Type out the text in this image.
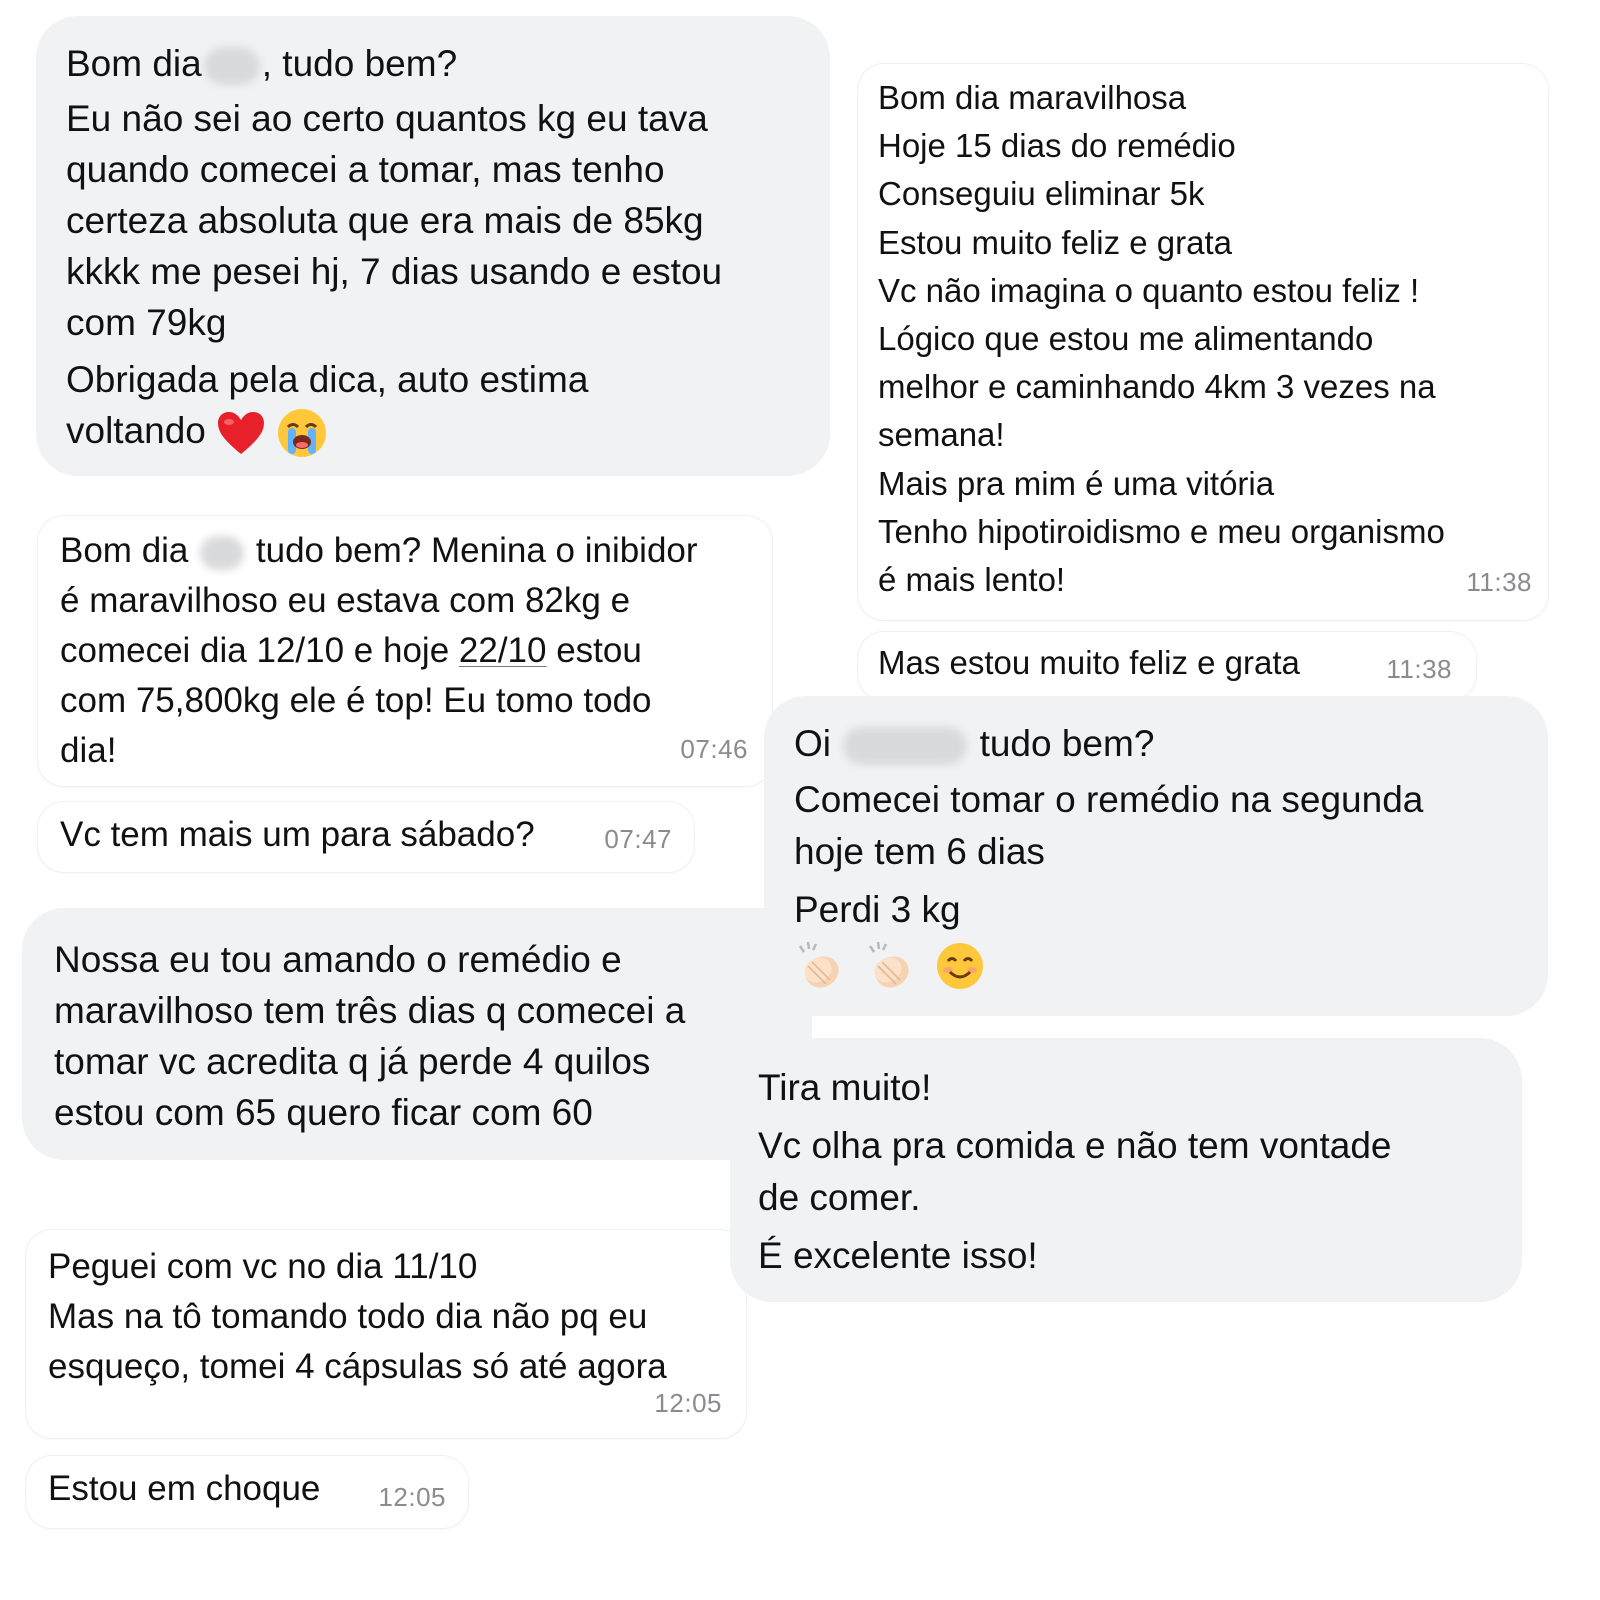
Bom dia , tudo bem?
Eu não sei ao certo quantos kg eu tava
quando comecei a tomar, mas tenho
certeza absoluta que era mais de 85kg
kkkk me pesei hj, 7 dias usando e estou
com 79kg
Obrigada pela dica, auto estima
voltando
Bom dia tudo bem? Menina o inibidor
é maravilhoso eu estava com 82kg e
comecei dia 12/10 e hoje 22/10 estou
com 75,800kg ele é top! Eu tomo todo
dia!	07:46
Vc tem mais um para sábado?	07:47
Nossa eu tou amando o remédio e
maravilhoso tem três dias q comecei a
tomar vc acredita q já perde 4 quilos
estou com 65 quero ficar com 60
Peguei com vc no dia 11/10
Mas na tô tomando todo dia não pq eu
esqueço, tomei 4 cápsulas só até agora
12:05
Estou em choque	12:05
Bom dia maravilhosa
Hoje 15 dias do remédio
Conseguiu eliminar 5k
Estou muito feliz e grata
Vc não imagina o quanto estou feliz !
Lógico que estou me alimentando
melhor e caminhando 4km 3 vezes na
semana!
Mais pra mim é uma vitória
Tenho hipotiroidismo e meu organismo
é mais lento!	11:38
Mas estou muito feliz e grata	11:38
Oi	tudo bem?
Comecei tomar o remédio na segunda
hoje tem 6 dias
Perdi 3 kg

Tira muito!
Vc olha pra comida e não tem vontade
de comer.
É excelente isso!
